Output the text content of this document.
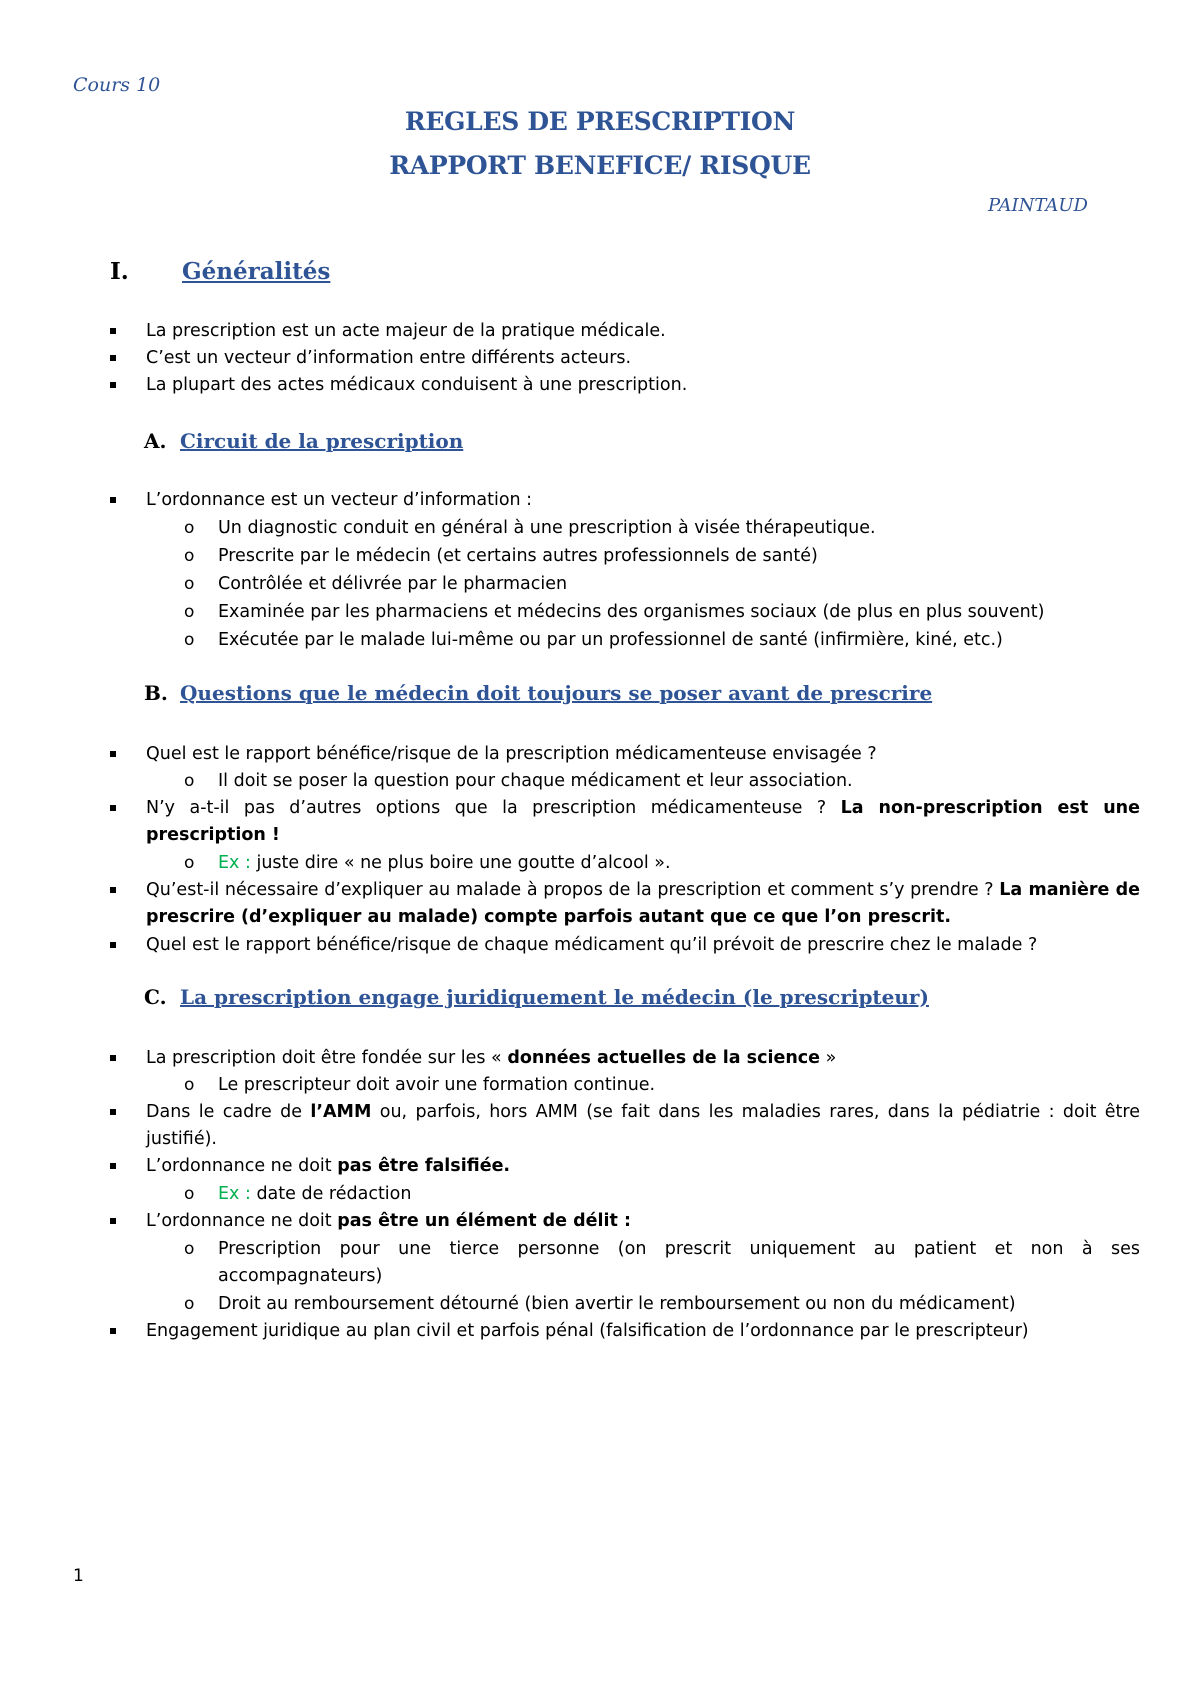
Cours 10
REGLES DE PRESCRIPTION
RAPPORT BENEFICE/ RISQUE
PAINTAUD
I. Généralités
La prescription est un acte majeur de la pratique médicale.
C’est un vecteur d’information entre différents acteurs.
La plupart des actes médicaux conduisent à une prescription.
A. Circuit de la prescription
L’ordonnance est un vecteur d’information :
o Un diagnostic conduit en général à une prescription à visée thérapeutique.
o Prescrite par le médecin (et certains autres professionnels de santé)
o Contrôlée et délivrée par le pharmacien
o Examinée par les pharmaciens et médecins des organismes sociaux (de plus en plus souvent)
o Exécutée par le malade lui-même ou par un professionnel de santé (infirmière, kiné, etc.)
B. Questions que le médecin doit toujours se poser avant de prescrire
Quel est le rapport bénéfice/risque de la prescription médicamenteuse envisagée ?
o Il doit se poser la question pour chaque médicament et leur association.
N’y a-t-il pas d’autres options que la prescription médicamenteuse ? La non-prescription est une prescription !
o Ex : juste dire « ne plus boire une goutte d’alcool ».
Qu’est-il nécessaire d’expliquer au malade à propos de la prescription et comment s’y prendre ? La manière de prescrire (d’expliquer au malade) compte parfois autant que ce que l’on prescrit.
Quel est le rapport bénéfice/risque de chaque médicament qu’il prévoit de prescrire chez le malade ?
C. La prescription engage juridiquement le médecin (le prescripteur)
La prescription doit être fondée sur les « données actuelles de la science »
o Le prescripteur doit avoir une formation continue.
Dans le cadre de l’AMM ou, parfois, hors AMM (se fait dans les maladies rares, dans la pédiatrie : doit être justifié).
L’ordonnance ne doit pas être falsifiée.
o Ex : date de rédaction
L’ordonnance ne doit pas être un élément de délit :
o Prescription pour une tierce personne (on prescrit uniquement au patient et non à ses accompagnateurs)
o Droit au remboursement détourné (bien avertir le remboursement ou non du médicament)
Engagement juridique au plan civil et parfois pénal (falsification de l’ordonnance par le prescripteur)
1
